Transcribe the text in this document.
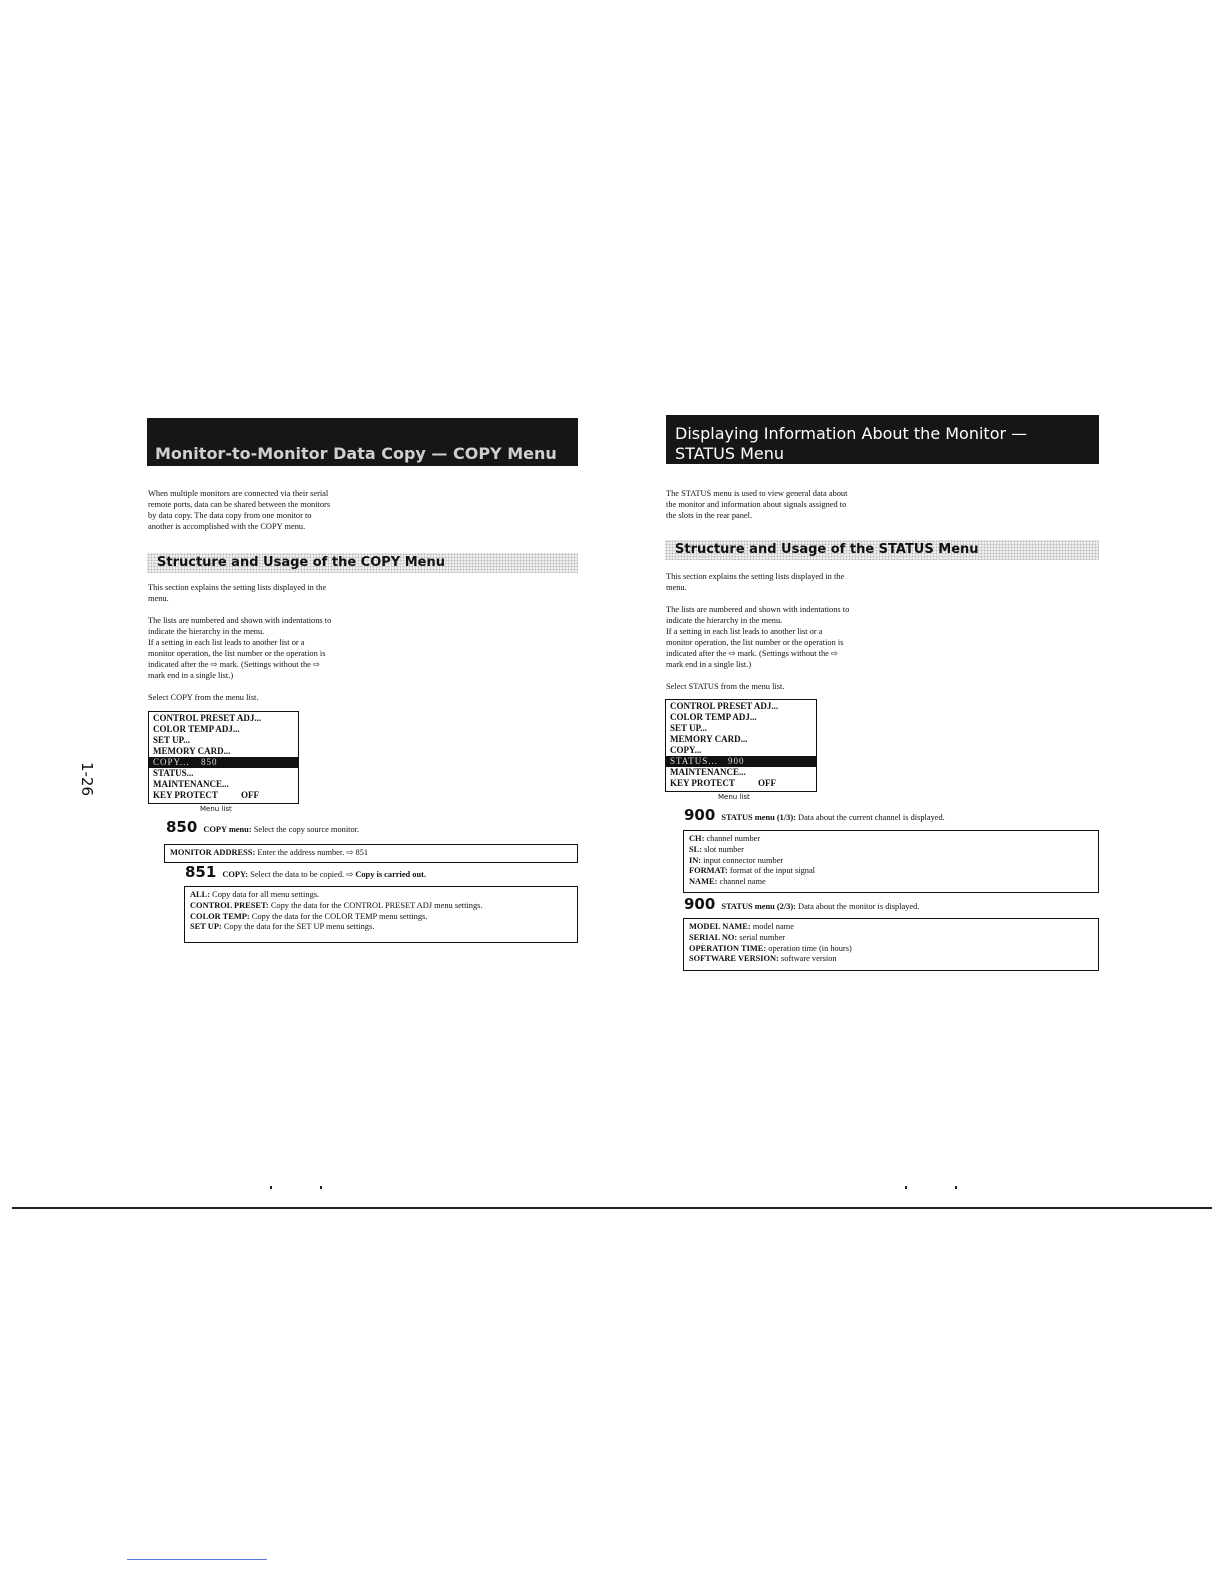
1-26
Monitor-to-Monitor Data Copy — COPY Menu
When multiple monitors are connected via their serial
remote ports, data can be shared between the monitors
by data copy. The data copy from one monitor to
another is accomplished with the COPY menu.
Structure and Usage of the COPY Menu
This section explains the setting lists displayed in the
menu.
The lists are numbered and shown with indentations to
indicate the hierarchy in the menu.
If a setting in each list leads to another list or a
monitor operation, the list number or the operation is
indicated after the ⇨ mark. (Settings without the ⇨
mark end in a single list.)
Select COPY from the menu list.
CONTROL PRESET ADJ...
COLOR TEMP ADJ...
SET UP...
MEMORY CARD...
COPY... 850
STATUS...
MAINTENANCE...
KEY PROTECT	OFF
Menu list
850 COPY menu: Select the copy source monitor.
MONITOR ADDRESS: Enter the address number. ⇨ 851
851 COPY: Select the data to be copied. ⇨ Copy is carried out.
ALL: Copy data for all menu settings.
CONTROL PRESET: Copy the data for the CONTROL PRESET ADJ menu settings.
COLOR TEMP: Copy the data for the COLOR TEMP menu settings.
SET UP: Copy the data for the SET UP menu settings.
Displaying Information About the Monitor —
STATUS Menu
The STATUS menu is used to view general data about
the monitor and information about signals assigned to
the slots in the rear panel.
Structure and Usage of the STATUS Menu
This section explains the setting lists displayed in the
menu.
The lists are numbered and shown with indentations to
indicate the hierarchy in the menu.
If a setting in each list leads to another list or a
monitor operation, the list number or the operation is
indicated after the ⇨ mark. (Settings without the ⇨
mark end in a single list.)
Select STATUS from the menu list.
CONTROL PRESET ADJ...
COLOR TEMP ADJ...
SET UP...
MEMORY CARD...
COPY...
STATUS... 900
MAINTENANCE...
KEY PROTECT	OFF
Menu list
900 STATUS menu (1/3): Data about the current channel is displayed.
CH: channel number
SL: slot number
IN: input connector number
FORMAT: format of the input signal
NAME: channel name
900 STATUS menu (2/3): Data about the monitor is displayed.
MODEL NAME: model name
SERIAL NO: serial number
OPERATION TIME: operation time (in hours)
SOFTWARE VERSION: software version
